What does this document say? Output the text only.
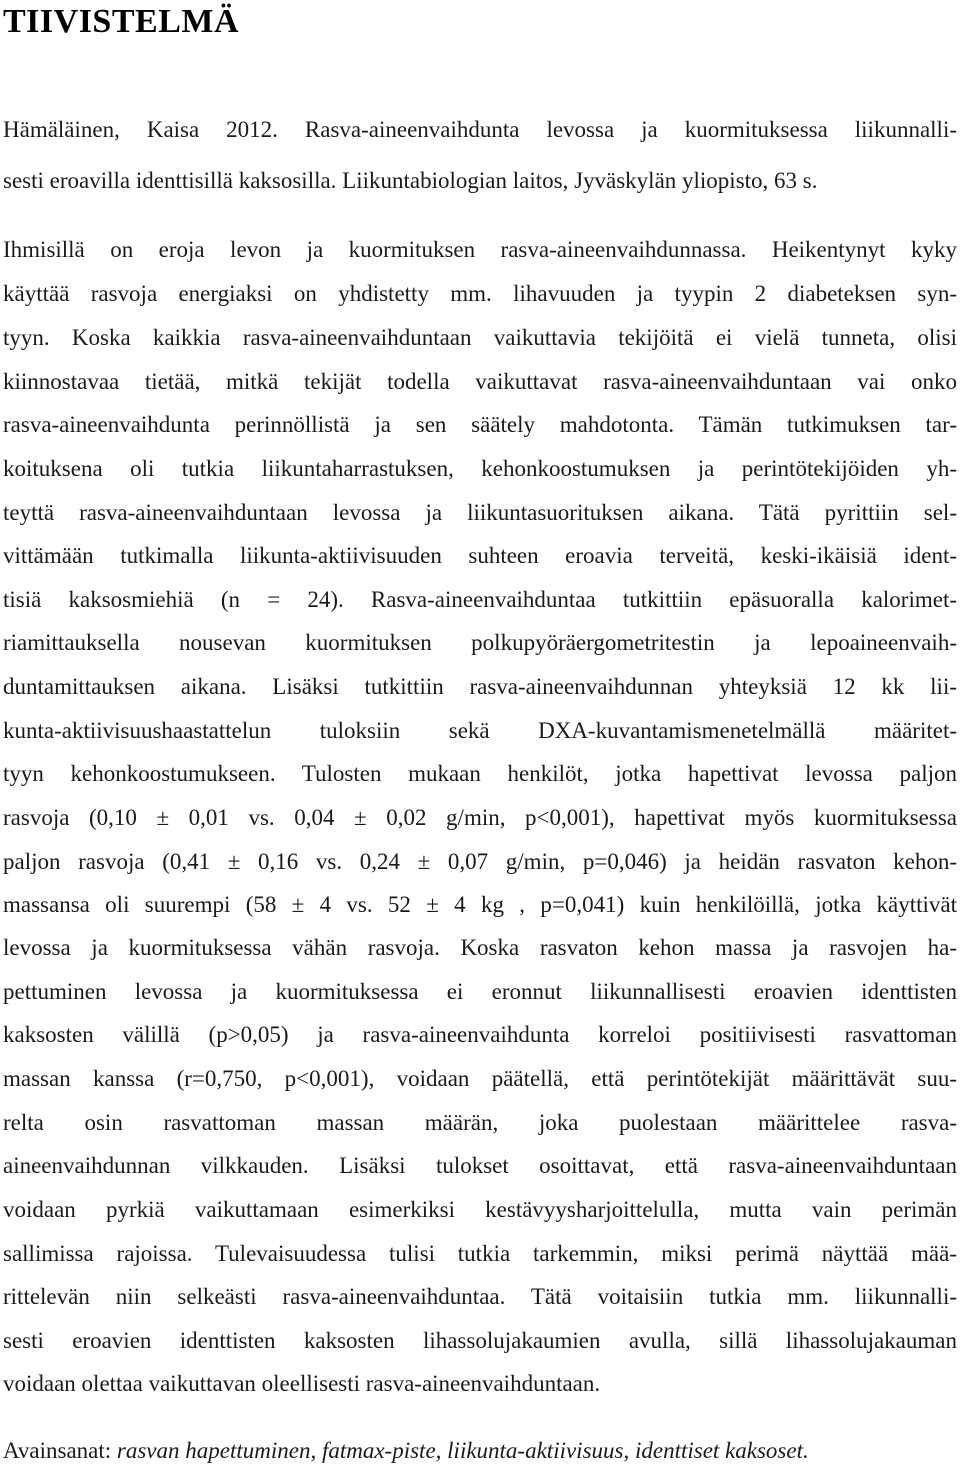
TIIVISTELMÄ
Hämäläinen, Kaisa 2012. Rasva-aineenvaihdunta levossa ja kuormituksessa liikunnalli-
sesti eroavilla identtisillä kaksosilla. Liikuntabiologian laitos, Jyväskylän yliopisto, 63 s.
Ihmisillä on eroja levon ja kuormituksen rasva-aineenvaihdunnassa. Heikentynyt kyky
käyttää rasvoja energiaksi on yhdistetty mm. lihavuuden ja tyypin 2 diabeteksen syn-
tyyn. Koska kaikkia rasva-aineenvaihduntaan vaikuttavia tekijöitä ei vielä tunneta, olisi
kiinnostavaa tietää, mitkä tekijät todella vaikuttavat rasva-aineenvaihduntaan vai onko
rasva-aineenvaihdunta perinnöllistä ja sen säätely mahdotonta. Tämän tutkimuksen tar-
koituksena oli tutkia liikuntaharrastuksen, kehonkoostumuksen ja perintötekijöiden yh-
teyttä rasva-aineenvaihduntaan levossa ja liikuntasuorituksen aikana. Tätä pyrittiin sel-
vittämään tutkimalla liikunta-aktiivisuuden suhteen eroavia terveitä, keski-ikäisiä ident-
tisiä kaksosmiehiä (n = 24). Rasva-aineenvaihduntaa tutkittiin epäsuoralla kalorimet-
riamittauksella nousevan kuormituksen polkupyöräergometritestin ja lepoaineenvaih-
duntamittauksen aikana. Lisäksi tutkittiin rasva-aineenvaihdunnan yhteyksiä 12 kk lii-
kunta-aktiivisuushaastattelun tuloksiin sekä DXA-kuvantamismenetelmällä määritet-
tyyn kehonkoostumukseen. Tulosten mukaan henkilöt, jotka hapettivat levossa paljon
rasvoja (0,10 ± 0,01 vs. 0,04 ± 0,02 g/min, p<0,001), hapettivat myös kuormituksessa
paljon rasvoja (0,41 ± 0,16 vs. 0,24 ± 0,07 g/min, p=0,046) ja heidän rasvaton kehon-
massansa oli suurempi (58 ± 4 vs. 52 ± 4 kg , p=0,041) kuin henkilöillä, jotka käyttivät
levossa ja kuormituksessa vähän rasvoja. Koska rasvaton kehon massa ja rasvojen ha-
pettuminen levossa ja kuormituksessa ei eronnut liikunnallisesti eroavien identtisten
kaksosten välillä (p>0,05) ja rasva-aineenvaihdunta korreloi positiivisesti rasvattoman
massan kanssa (r=0,750, p<0,001), voidaan päätellä, että perintötekijät määrittävät suu-
relta osin rasvattoman massan määrän, joka puolestaan määrittelee rasva-
aineenvaihdunnan vilkkauden. Lisäksi tulokset osoittavat, että rasva-aineenvaihduntaan
voidaan pyrkiä vaikuttamaan esimerkiksi kestävyysharjoittelulla, mutta vain perimän
sallimissa rajoissa. Tulevaisuudessa tulisi tutkia tarkemmin, miksi perimä näyttää mää-
rittelevän niin selkeästi rasva-aineenvaihduntaa. Tätä voitaisiin tutkia mm. liikunnalli-
sesti eroavien identtisten kaksosten lihassolujakaumien avulla, sillä lihassolujakauman
voidaan olettaa vaikuttavan oleellisesti rasva-aineenvaihduntaan.
Avainsanat: rasvan hapettuminen, fatmax-piste, liikunta-aktiivisuus, identtiset kaksoset.
